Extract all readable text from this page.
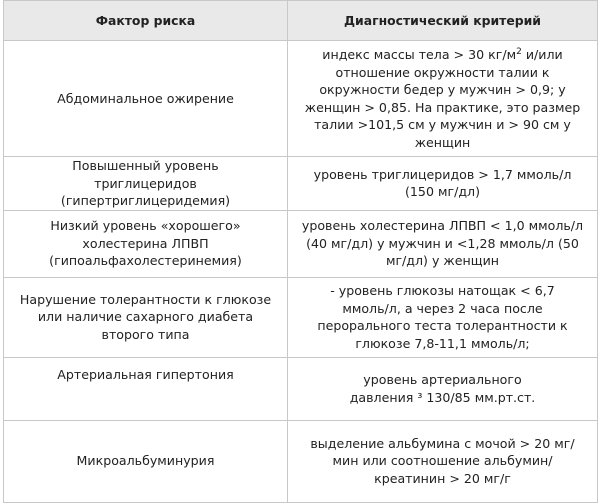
Фактор риска	Диагностический критерий
Абдоминальное ожирение	индекс массы тела > 30 $кг/м^2$ и/или отношение окружности талии к окружности бедер у мужчин > 0,9; у женщин > 0,85. На практике, это размер талии >101,5 см у мужчин и > 90 см у женщин
Повышенный уровень триглицеридов (гипертриглицеридемия)	уровень триглицеридов > 1,7 ммоль/л (150 мг/дл)
Низкий уровень «хорошего» холестерина ЛПВП (гипоальфахолестеринемия)	уровень холестерина ЛПВП < 1,0 ммоль/л (40 мг/дл) у мужчин и <1,28 ммоль/л (50 мг/дл) у женщин
Нарушение толерантности к глюкозе или наличие сахарного диабета второго типа	- уровень глюкозы натощак < 6,7 ммоль/л, а через 2 часа после перорального теста толерантности к глюкозе 7,8-11,1 ммоль/л;
Артериальная гипертония	уровень артериального давления ³ 130/85 мм.рт.ст.
Микроальбуминурия	выделение альбумина с мочой > 20 мг/мин или соотношение альбумин/креатинин > 20 мг/г
